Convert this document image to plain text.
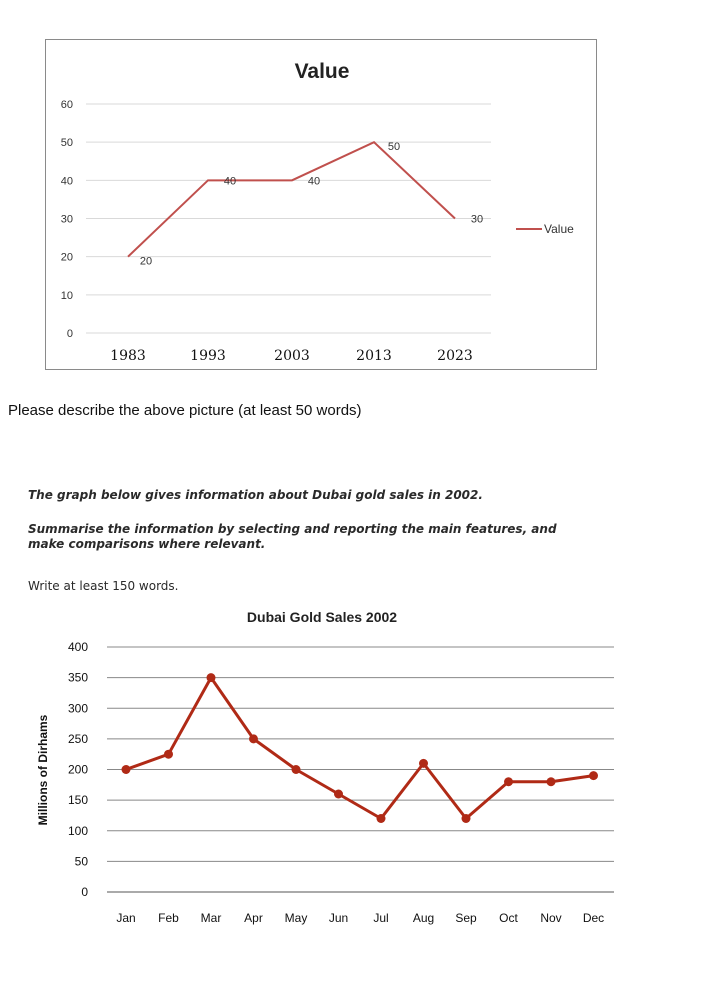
Value
0
10
20
30
40
50
60
1983	1993	2003	2013	2023
20
40	40
50
30
Value
Please describe the above picture (at least 50 words)
The graph below gives information about Dubai gold sales in 2002.
Summarise the information by selecting and reporting the main features, and make comparisons where relevant.
Write at least 150 words.
Dubai Gold Sales 2002
0
50
100
150
200
250
300
350
400
Millions of Dirhams
Jan Feb Mar Apr May Jun Jul Aug Sep Oct Nov Dec
